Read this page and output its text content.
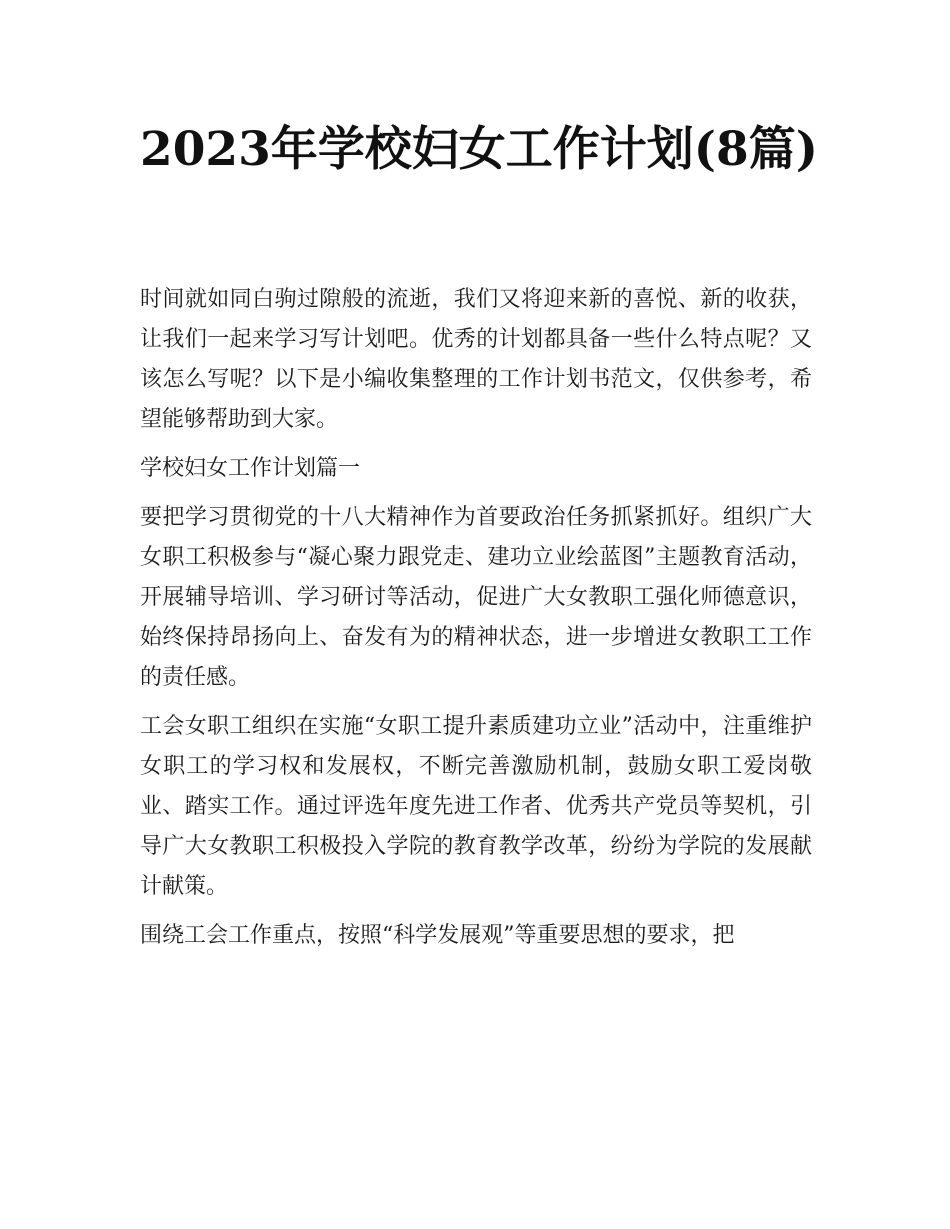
2023年学校妇女工作计划(8篇)

时间就如同白驹过隙般的流逝，我们又将迎来新的喜悦、新的收获，让我们一起来学习写计划吧。优秀的计划都具备一些什么特点呢？又该怎么写呢？以下是小编收集整理的工作计划书范文，仅供参考，希望能够帮助到大家。

学校妇女工作计划篇一

要把学习贯彻党的十八大精神作为首要政治任务抓紧抓好。组织广大女职工积极参与“凝心聚力跟党走、建功立业绘蓝图”主题教育活动，开展辅导培训、学习研讨等活动，促进广大女教职工强化师德意识，始终保持昂扬向上、奋发有为的精神状态，进一步增进女教职工工作的责任感。

工会女职工组织在实施“女职工提升素质建功立业”活动中，注重维护女职工的学习权和发展权，不断完善激励机制，鼓励女职工爱岗敬业、踏实工作。通过评选年度先进工作者、优秀共产党员等契机，引导广大女教职工积极投入学院的教育教学改革，纷纷为学院的发展献计献策。

围绕工会工作重点，按照“科学发展观”等重要思想的要求，把
